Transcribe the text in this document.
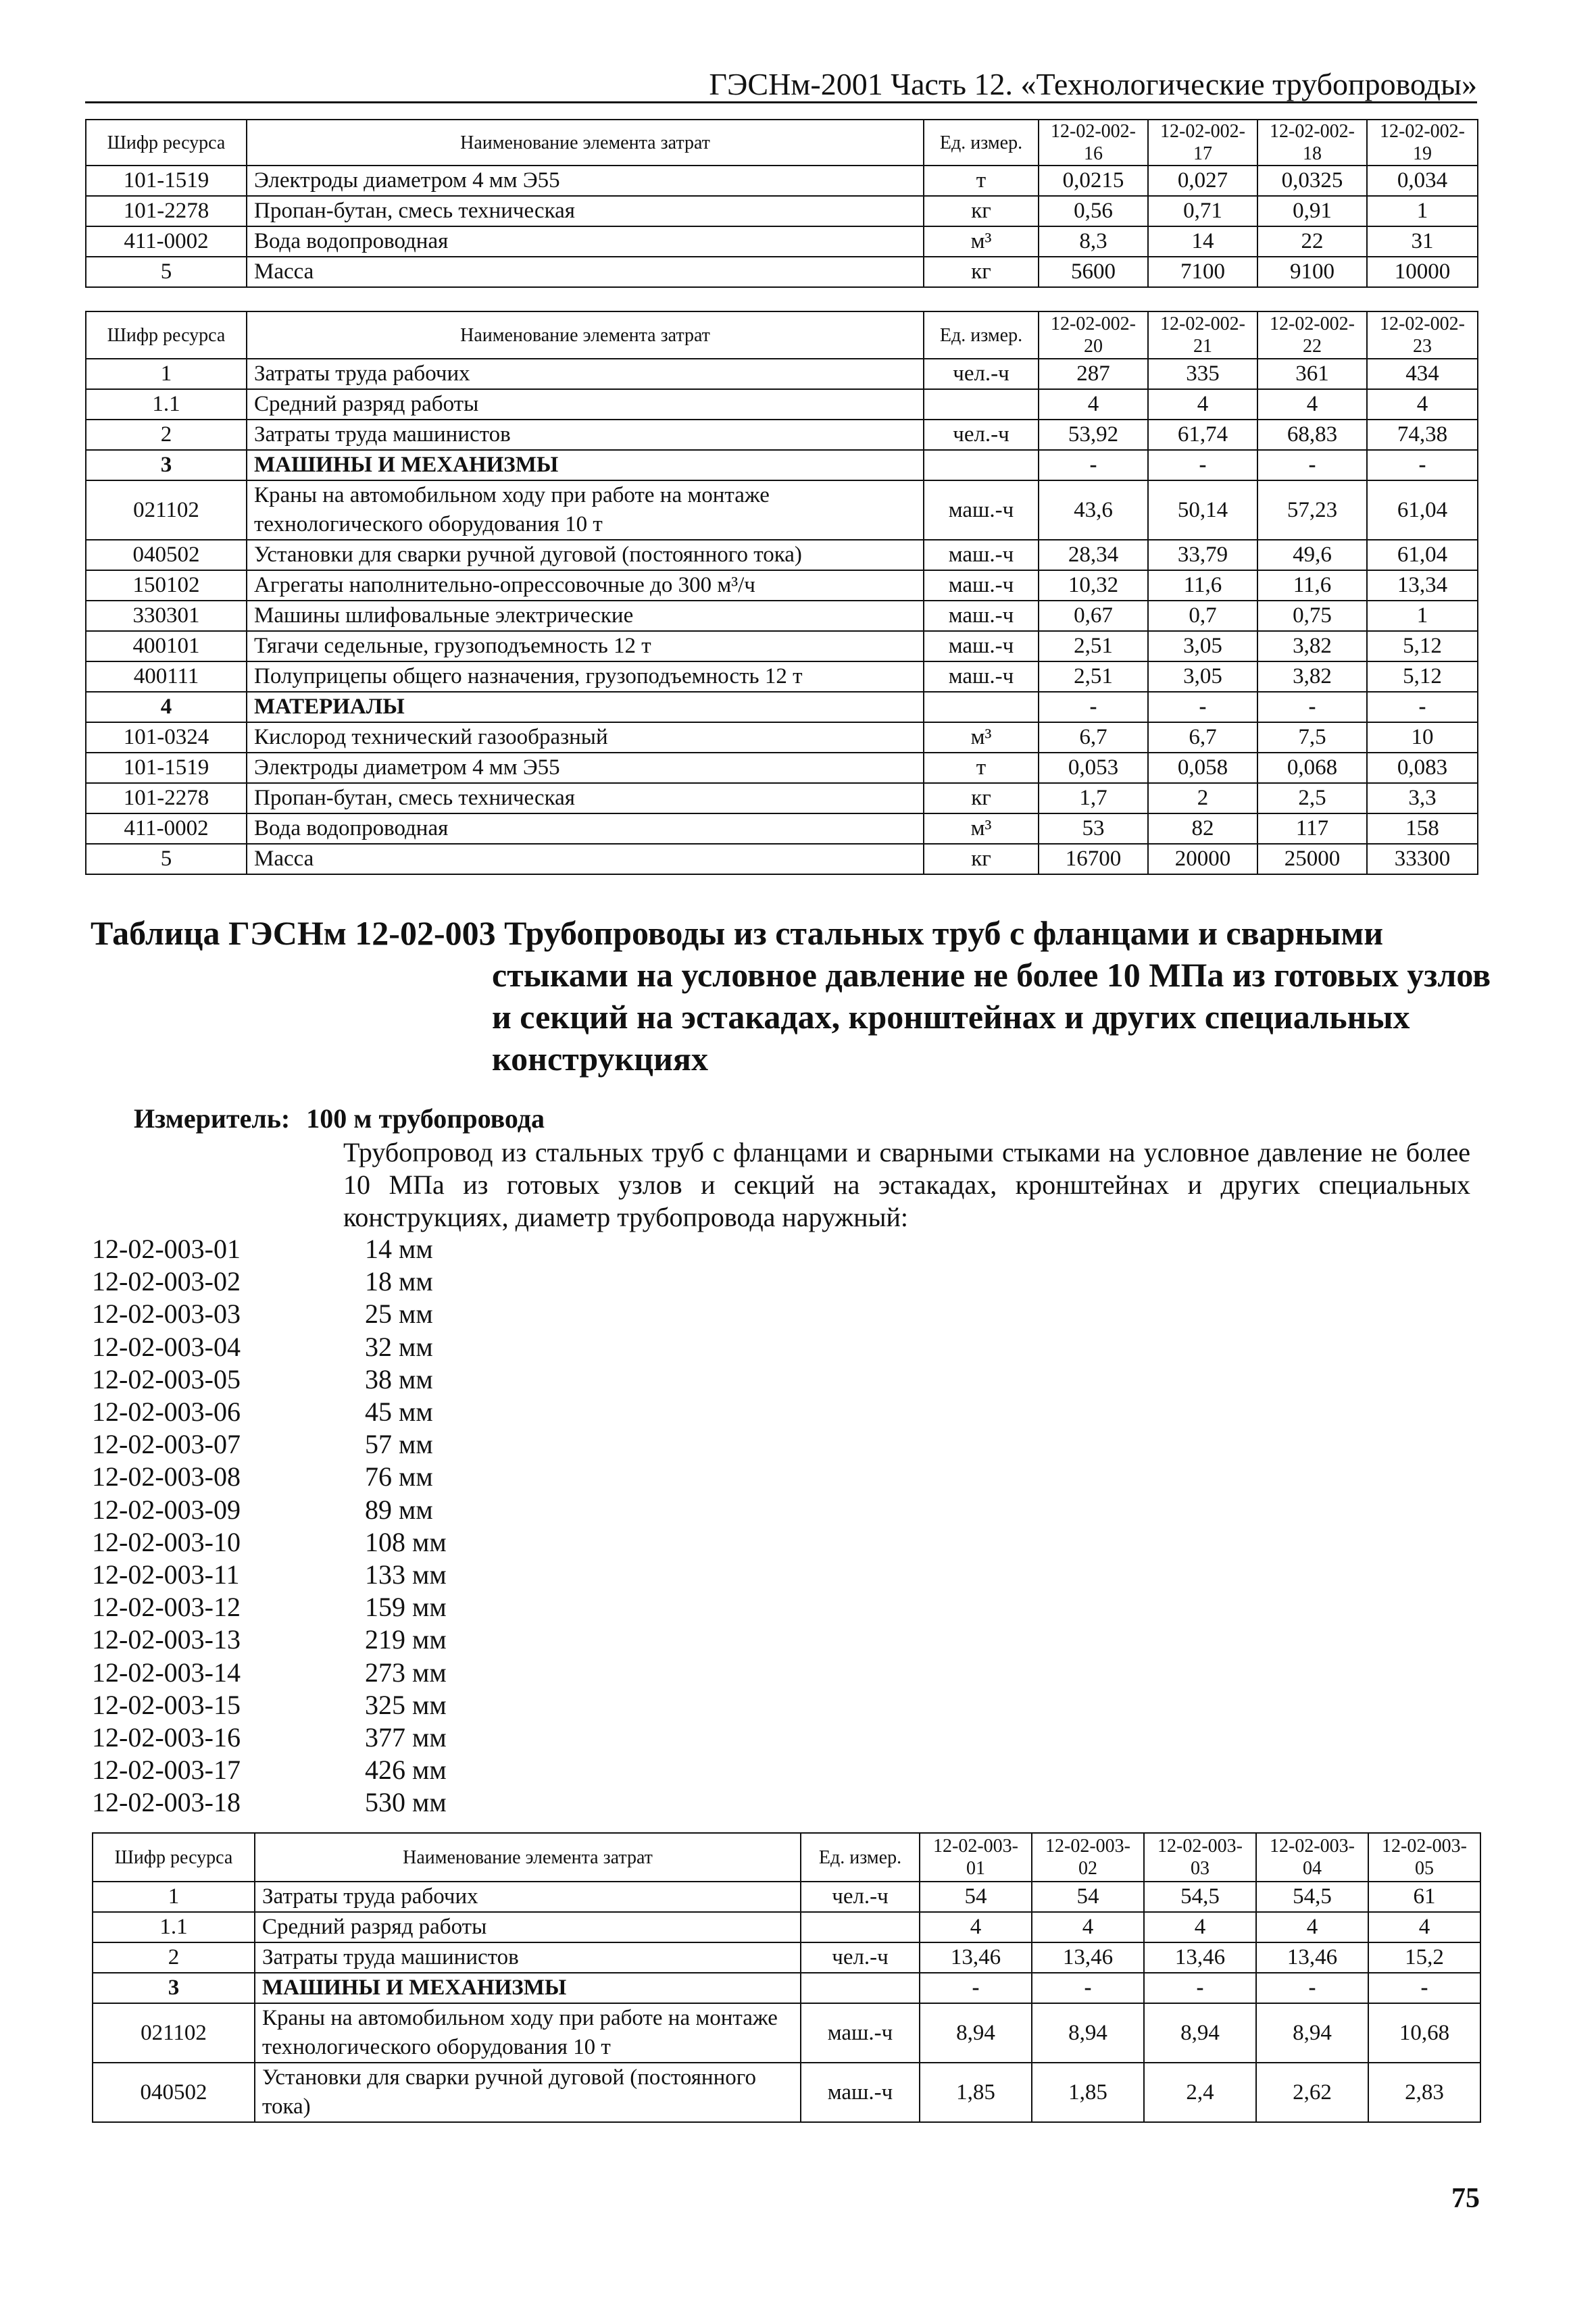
ГЭСНм-2001 Часть 12. «Технологические трубопроводы»
Шифр ресурса	Наименование элемента затрат	Ед. измер.	12-02-002-16	12-02-002-17	12-02-002-18	12-02-002-19
101-1519	Электроды диаметром 4 мм Э55	т	0,0215	0,027	0,0325	0,034
101-2278	Пропан-бутан, смесь техническая	кг	0,56	0,71	0,91	1
411-0002	Вода водопроводная	м³	8,3	14	22	31
5	Масса	кг	5600	7100	9100	10000
Шифр ресурса	Наименование элемента затрат	Ед. измер.	12-02-002-20	12-02-002-21	12-02-002-22	12-02-002-23
1	Затраты труда рабочих	чел.-ч	287	335	361	434
1.1	Средний разряд работы		4	4	4	4
2	Затраты труда машинистов	чел.-ч	53,92	61,74	68,83	74,38
3	МАШИНЫ И МЕХАНИЗМЫ		-	-	-	-
021102	Краны на автомобильном ходу при работе на монтаже технологического оборудования 10 т	маш.-ч	43,6	50,14	57,23	61,04
040502	Установки для сварки ручной дуговой (постоянного тока)	маш.-ч	28,34	33,79	49,6	61,04
150102	Агрегаты наполнительно-опрессовочные до 300 м³/ч	маш.-ч	10,32	11,6	11,6	13,34
330301	Машины шлифовальные электрические	маш.-ч	0,67	0,7	0,75	1
400101	Тягачи седельные, грузоподъемность 12 т	маш.-ч	2,51	3,05	3,82	5,12
400111	Полуприцепы общего назначения, грузоподъемность 12 т	маш.-ч	2,51	3,05	3,82	5,12
4	МАТЕРИАЛЫ		-	-	-	-
101-0324	Кислород технический газообразный	м³	6,7	6,7	7,5	10
101-1519	Электроды диаметром 4 мм Э55	т	0,053	0,058	0,068	0,083
101-2278	Пропан-бутан, смесь техническая	кг	1,7	2	2,5	3,3
411-0002	Вода водопроводная	м³	53	82	117	158
5	Масса	кг	16700	20000	25000	33300
Таблица ГЭСНм 12-02-003 Трубопроводы из стальных труб с фланцами и сварными
стыками на условное давление не более 10 МПа из готовых узлов и секций на эстакадах, кронштейнах и других специальных конструкциях
Измеритель: 100 м трубопровода
Трубопровод из стальных труб с фланцами и сварными стыками на условное давление не более 10 МПа из готовых узлов и секций на эстакадах, кронштейнах и других специальных конструкциях, диаметр трубопровода наружный:
12-02-003-01	14 мм
12-02-003-02	18 мм
12-02-003-03	25 мм
12-02-003-04	32 мм
12-02-003-05	38 мм
12-02-003-06	45 мм
12-02-003-07	57 мм
12-02-003-08	76 мм
12-02-003-09	89 мм
12-02-003-10	108 мм
12-02-003-11	133 мм
12-02-003-12	159 мм
12-02-003-13	219 мм
12-02-003-14	273 мм
12-02-003-15	325 мм
12-02-003-16	377 мм
12-02-003-17	426 мм
12-02-003-18	530 мм
Шифр ресурса	Наименование элемента затрат	Ед. измер.	12-02-003-01	12-02-003-02	12-02-003-03	12-02-003-04	12-02-003-05
1	Затраты труда рабочих	чел.-ч	54	54	54,5	54,5	61
1.1	Средний разряд работы		4	4	4	4	4
2	Затраты труда машинистов	чел.-ч	13,46	13,46	13,46	13,46	15,2
3	МАШИНЫ И МЕХАНИЗМЫ		-	-	-	-	-
021102	Краны на автомобильном ходу при работе на монтаже технологического оборудования 10 т	маш.-ч	8,94	8,94	8,94	8,94	10,68
040502	Установки для сварки ручной дуговой (постоянного тока)	маш.-ч	1,85	1,85	2,4	2,62	2,83
75
